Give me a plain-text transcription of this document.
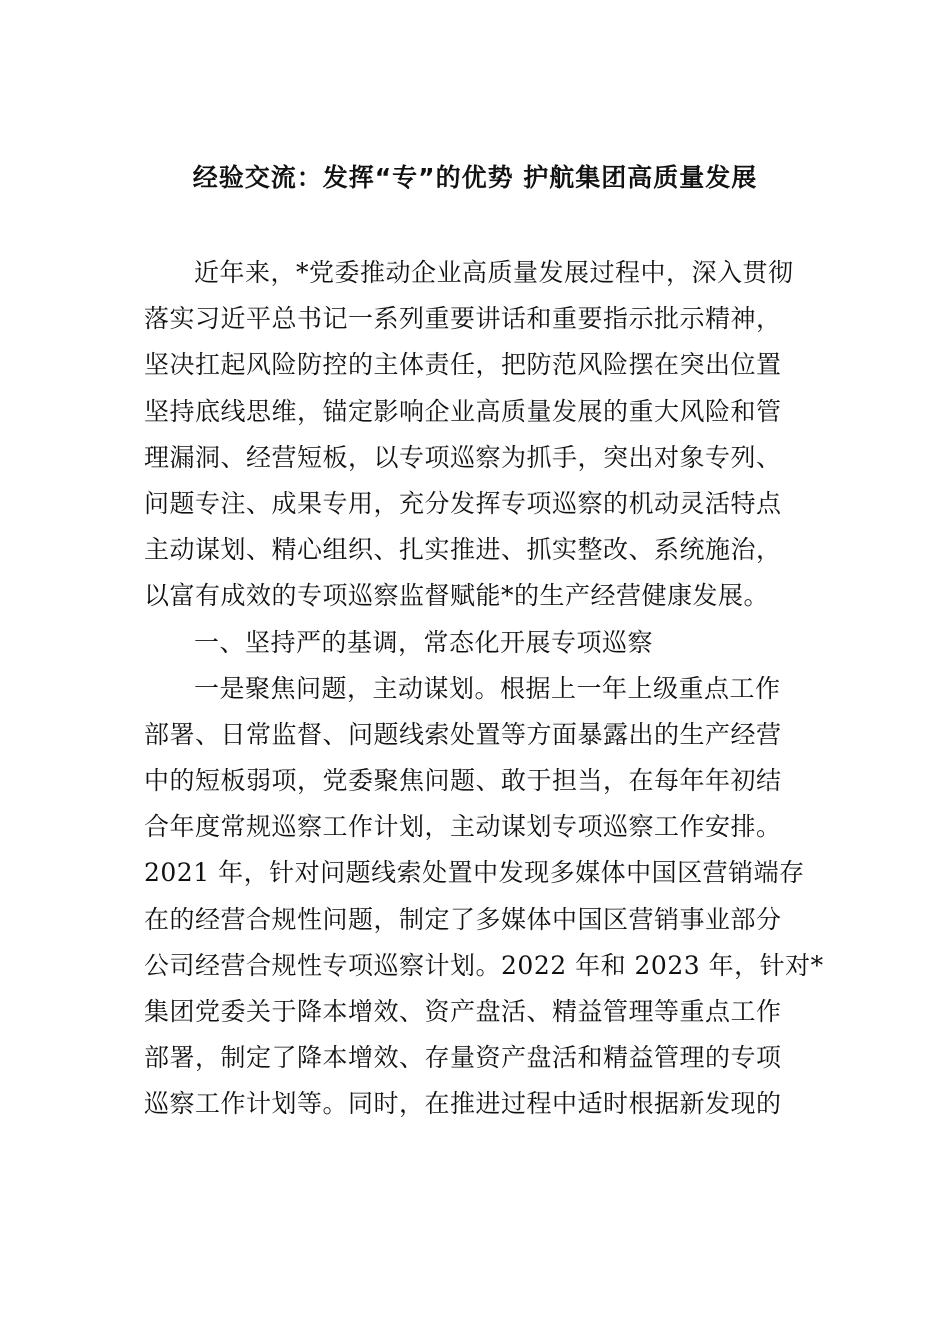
经验交流：发挥“专”的优势 护航集团高质量发展
近年来，*党委推动企业高质量发展过程中，深入贯彻
落实习近平总书记一系列重要讲话和重要指示批示精神，
坚决扛起风险防控的主体责任，把防范风险摆在突出位置
坚持底线思维，锚定影响企业高质量发展的重大风险和管
理漏洞、经营短板，以专项巡察为抓手，突出对象专列、
问题专注、成果专用，充分发挥专项巡察的机动灵活特点
主动谋划、精心组织、扎实推进、抓实整改、系统施治，
以富有成效的专项巡察监督赋能*的生产经营健康发展。
一、坚持严的基调，常态化开展专项巡察
一是聚焦问题，主动谋划。根据上一年上级重点工作
部署、日常监督、问题线索处置等方面暴露出的生产经营
中的短板弱项，党委聚焦问题、敢于担当，在每年年初结
合年度常规巡察工作计划，主动谋划专项巡察工作安排。
2021 年，针对问题线索处置中发现多媒体中国区营销端存
在的经营合规性问题，制定了多媒体中国区营销事业部分
公司经营合规性专项巡察计划。2022 年和 2023 年，针对*
集团党委关于降本增效、资产盘活、精益管理等重点工作
部署，制定了降本增效、存量资产盘活和精益管理的专项
巡察工作计划等。同时，在推进过程中适时根据新发现的
